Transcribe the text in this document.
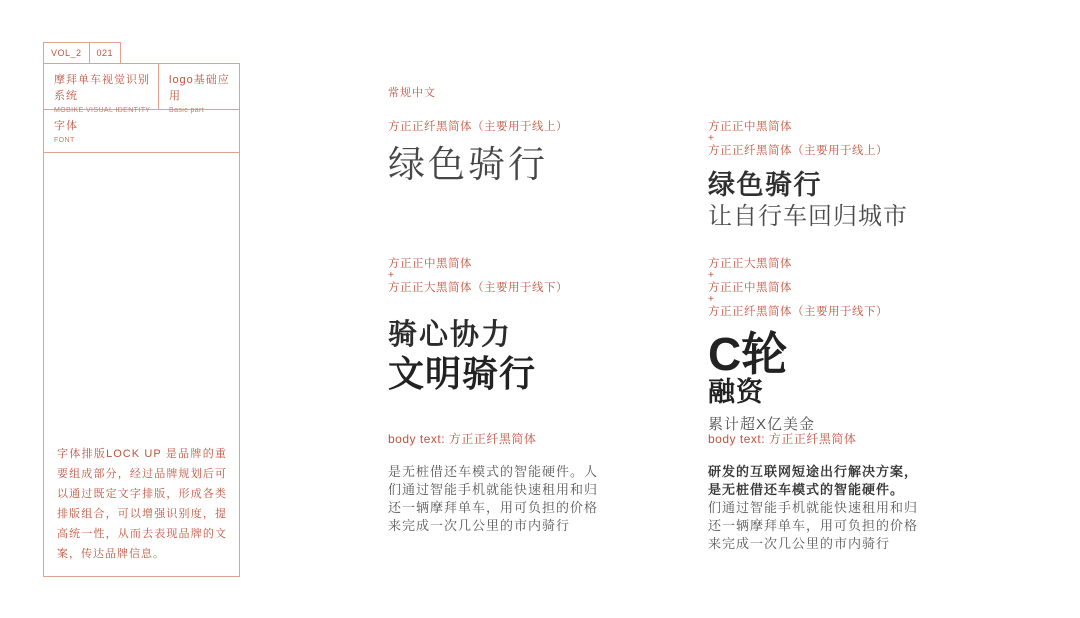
VOL_2 021
摩拜单车视觉识别系统
MOBIKE VISUAL IDENTITY
logo基础应用
Basic part
字体
FONT
字体排版LOCK UP 是品牌的重要组成部分，经过品牌规划后可以通过既定文字排版，形成各类排版组合，可以增强识别度，提高统一性，从而去表现品牌的文案，传达品牌信息。
常规中文
方正正纤黑简体（主要用于线上）
绿色骑行
方正正中黑简体
+
方正正纤黑简体（主要用于线上）
绿色骑行
让自行车回归城市
方正正中黑简体
+
方正正大黑简体（主要用于线下）
骑心协力
文明骑行
方正正大黑简体
+
方正正中黑简体
+
方正正纤黑简体（主要用于线下）
C轮
融资
累计超X亿美金
body text: 方正正纤黑简体
是无桩借还车模式的智能硬件。人
们通过智能手机就能快速租用和归
还一辆摩拜单车，用可负担的价格
来完成一次几公里的市内骑行
body text: 方正正纤黑简体
研发的互联网短途出行解决方案，
是无桩借还车模式的智能硬件。
们通过智能手机就能快速租用和归
还一辆摩拜单车，用可负担的价格
来完成一次几公里的市内骑行
